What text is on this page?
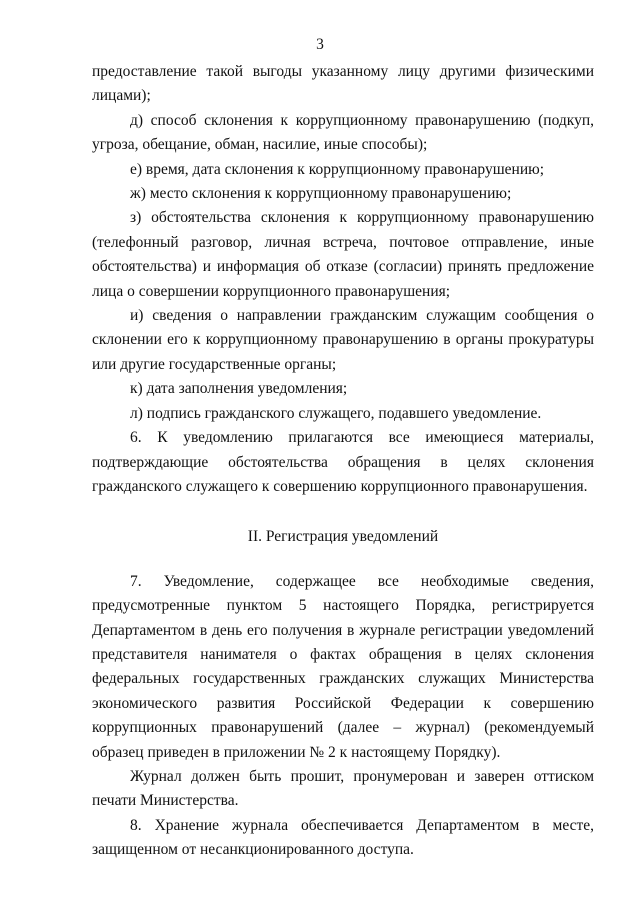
3

предоставление такой выгоды указанному лицу другими физическими лицами);

д) способ склонения к коррупционному правонарушению (подкуп, угроза, обещание, обман, насилие, иные способы);

е) время, дата склонения к коррупционному правонарушению;

ж) место склонения к коррупционному правонарушению;

з) обстоятельства склонения к коррупционному правонарушению (телефонный разговор, личная встреча, почтовое отправление, иные обстоятельства) и информация об отказе (согласии) принять предложение лица о совершении коррупционного правонарушения;

и) сведения о направлении гражданским служащим сообщения о склонении его к коррупционному правонарушению в органы прокуратуры или другие государственные органы;

к) дата заполнения уведомления;

л) подпись гражданского служащего, подавшего уведомление.

6. К уведомлению прилагаются все имеющиеся материалы, подтверждающие обстоятельства обращения в целях склонения гражданского служащего к совершению коррупционного правонарушения.

II. Регистрация уведомлений

7. Уведомление, содержащее все необходимые сведения, предусмотренные пунктом 5 настоящего Порядка, регистрируется Департаментом в день его получения в журнале регистрации уведомлений представителя нанимателя о фактах обращения в целях склонения федеральных государственных гражданских служащих Министерства экономического развития Российской Федерации к совершению коррупционных правонарушений (далее – журнал) (рекомендуемый образец приведен в приложении № 2 к настоящему Порядку).

Журнал должен быть прошит, пронумерован и заверен оттиском печати Министерства.

8. Хранение журнала обеспечивается Департаментом в месте, защищенном от несанкционированного доступа.
